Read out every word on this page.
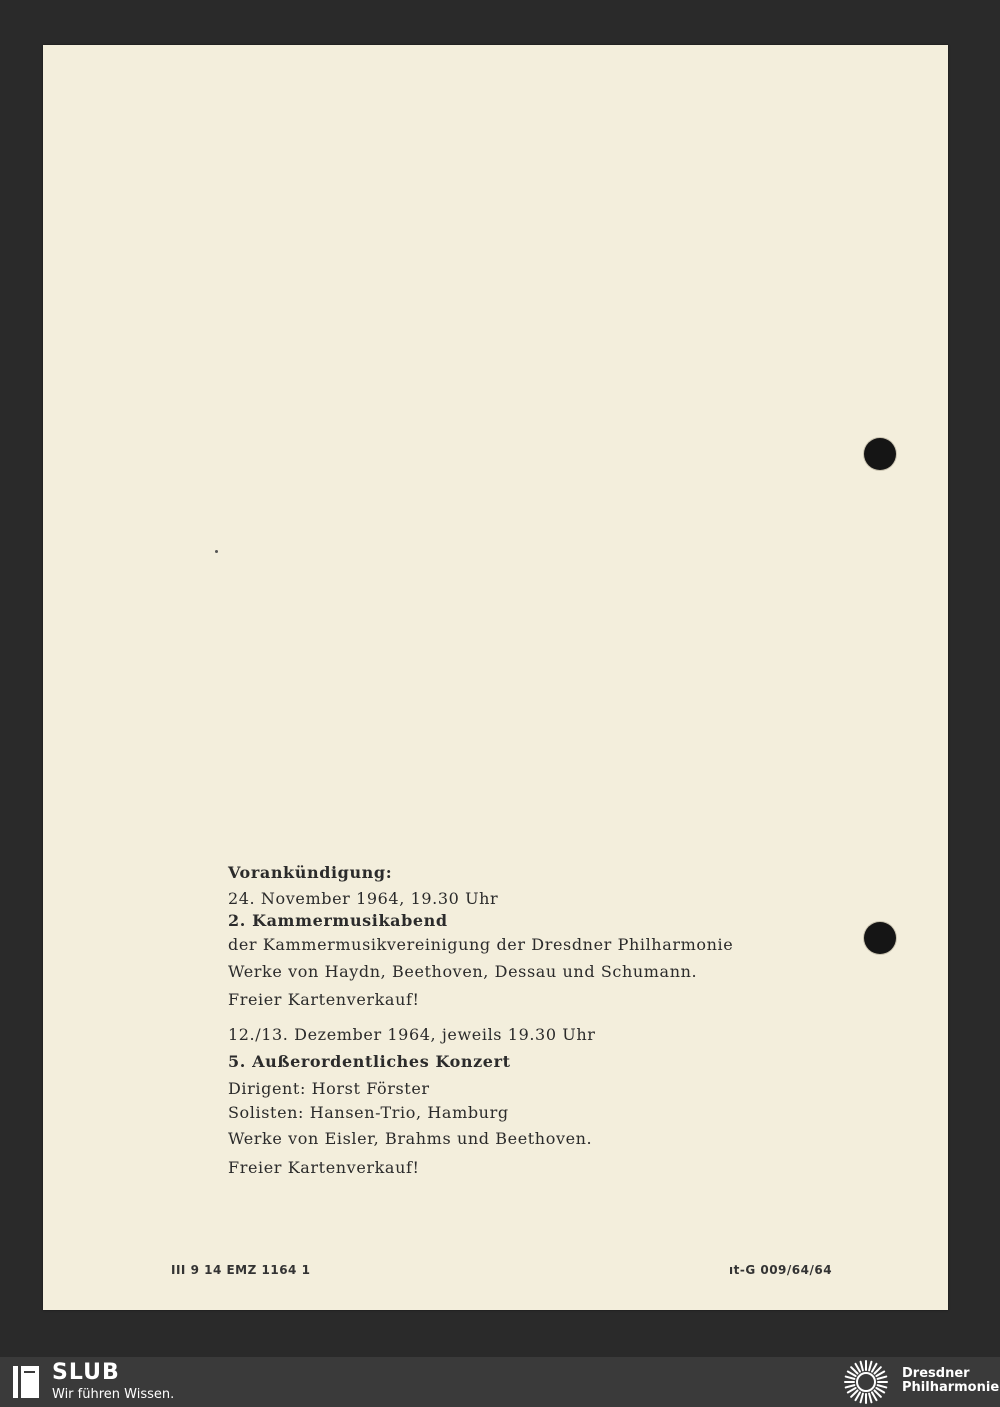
Vorankündigung:
24. November 1964, 19.30 Uhr
2. Kammermusikabend
der Kammermusikvereinigung der Dresdner Philharmonie
Werke von Haydn, Beethoven, Dessau und Schumann.
Freier Kartenverkauf!
12./13. Dezember 1964, jeweils 19.30 Uhr
5. Außerordentliches Konzert
Dirigent: Horst Förster
Solisten: Hansen-Trio, Hamburg
Werke von Eisler, Brahms und Beethoven.
Freier Kartenverkauf!
III 9 14 EMZ 1164 1	ıt-G 009/64/64
SLUB
Wir führen Wissen.
Dresdner
Philharmonie
